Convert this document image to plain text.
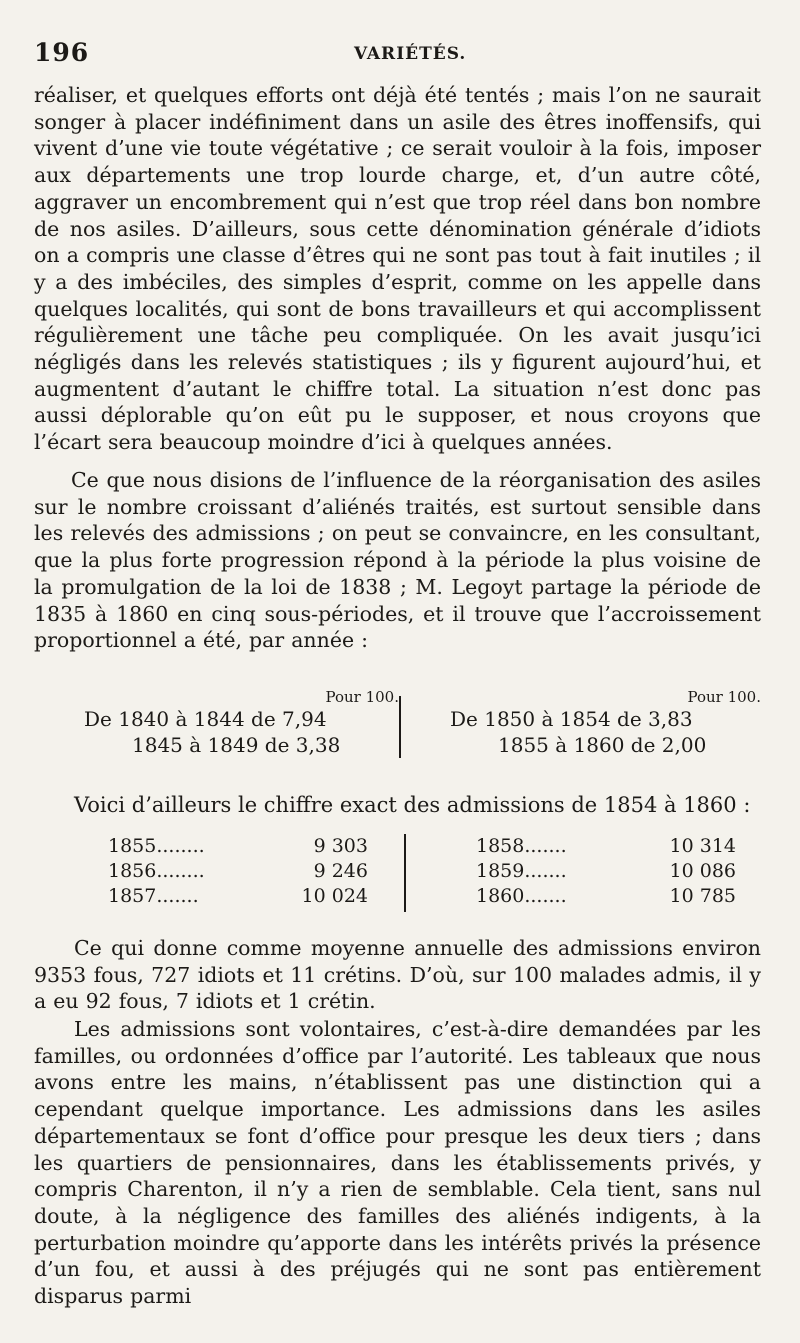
196	VARIÉTÉS.

réaliser, et quelques efforts ont déjà été tentés ; mais l’on ne saurait songer à placer indéfiniment dans un asile des êtres inoffensifs, qui vivent d’une vie toute végétative ; ce serait vouloir à la fois, imposer aux départements une trop lourde charge, et, d’un autre côté, aggraver un encombrement qui n’est que trop réel dans bon nombre de nos asiles. D’ailleurs, sous cette dénomination générale d’idiots on a compris une classe d’êtres qui ne sont pas tout à fait inutiles ; il y a des imbéciles, des simples d’esprit, comme on les appelle dans quelques localités, qui sont de bons travailleurs et qui accomplissent régulièrement une tâche peu compliquée. On les avait jusqu’ici négligés dans les relevés statistiques ; ils y figurent aujourd’hui, et augmentent d’autant le chiffre total. La situation n’est donc pas aussi déplorable qu’on eût pu le supposer, et nous croyons que l’écart sera beaucoup moindre d’ici à quelques années.

Ce que nous disions de l’influence de la réorganisation des asiles sur le nombre croissant d’aliénés traités, est surtout sensible dans les relevés des admissions ; on peut se convaincre, en les consultant, que la plus forte progression répond à la période la plus voisine de la promulgation de la loi de 1838 ; M. Legoyt partage la période de 1835 à 1860 en cinq sous-périodes, et il trouve que l’accroissement proportionnel a été, par année :

Pour 100.
De 1840 à 1844 de 7,94
1845 à 1849 de 3,38
Pour 100.
De 1850 à 1854 de 3,83
1855 à 1860 de 2,00
Voici d’ailleurs le chiffre exact des admissions de 1854 à 1860 :
1855........	9 303
1856........	9 246
1857.......	10 024
1858.......	10 314
1859.......	10 086
1860.......	10 785

Ce qui donne comme moyenne annuelle des admissions environ 9353 fous, 727 idiots et 11 crétins. D’où, sur 100 malades admis, il y a eu 92 fous, 7 idiots et 1 crétin.

Les admissions sont volontaires, c’est-à-dire demandées par les familles, ou ordonnées d’office par l’autorité. Les tableaux que nous avons entre les mains, n’établissent pas une distinction qui a cependant quelque importance. Les admissions dans les asiles départementaux se font d’office pour presque les deux tiers ; dans les quartiers de pensionnaires, dans les établissements privés, y compris Charenton, il n’y a rien de semblable. Cela tient, sans nul doute, à la négligence des familles des aliénés indigents, à la perturbation moindre qu’apporte dans les intérêts privés la présence d’un fou, et aussi à des préjugés qui ne sont pas entièrement disparus parmi
